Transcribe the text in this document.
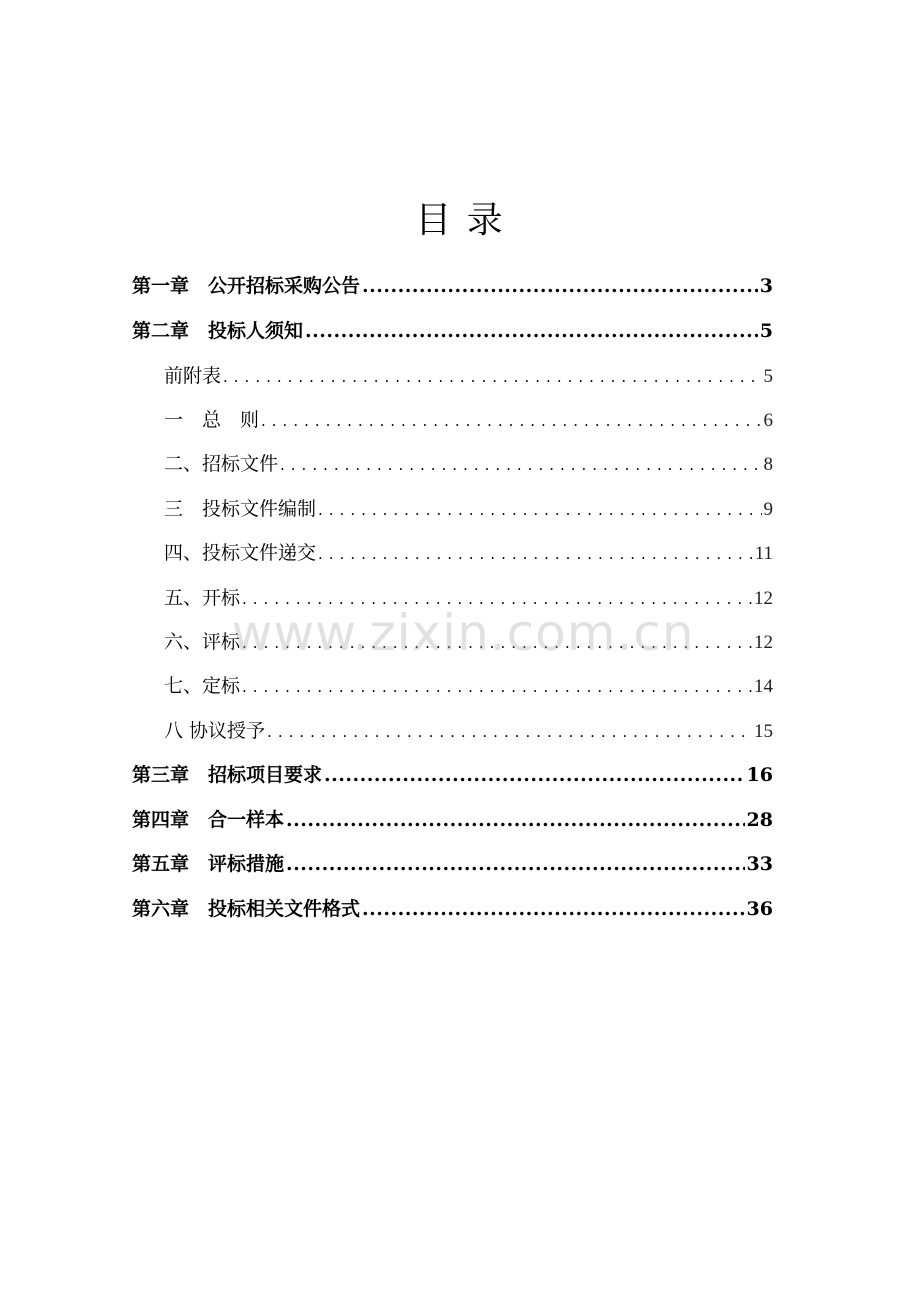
目 录
第一章　公开招标采购公告 .....	3
第二章　投标人须知 .....	5
前附表 .....	5
一　总　则 .....	6
二、招标文件 .....	8
三　投标文件编制 .....	9
四、投标文件递交 .....	11
五、开标 .....	12
六、评标 .....	12
七、定标 .....	14
八 协议授予 .....	15
第三章　招标项目要求 .....	16
第四章　合一样本 .....	28
第五章　评标措施 .....	33
第六章　投标相关文件格式 .....	36
www.zixin.com.cn
